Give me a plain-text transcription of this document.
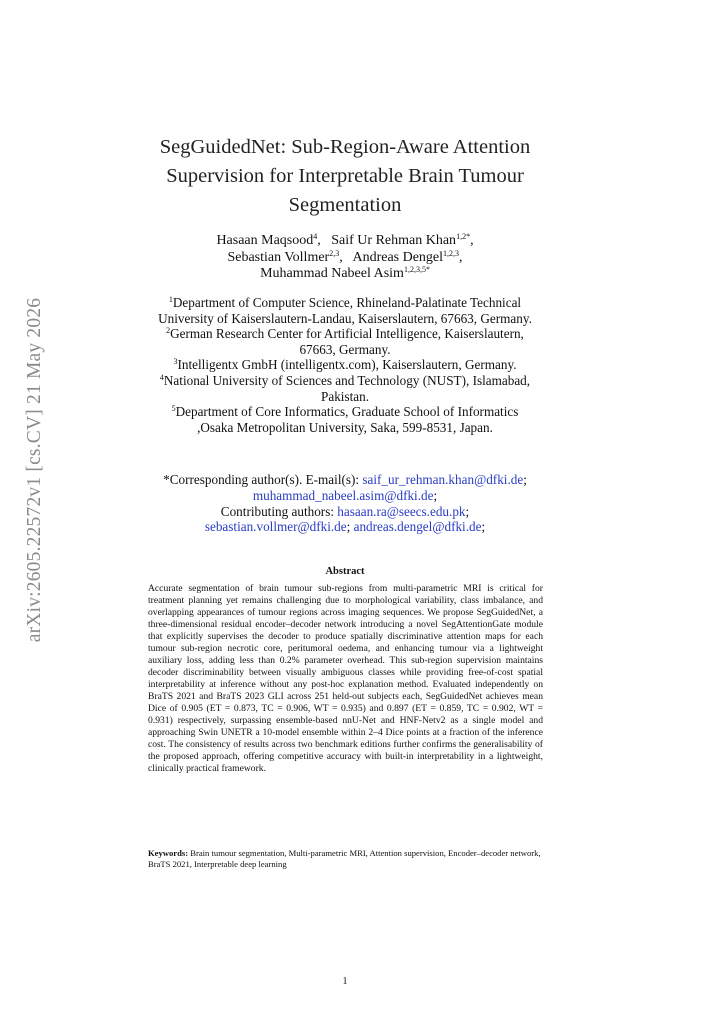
arXiv:2605.22572v1 [cs.CV] 21 May 2026
SegGuidedNet: Sub-Region-Aware Attention
Supervision for Interpretable Brain Tumour
Segmentation
Hasaan Maqsood$^4$,   Saif Ur Rehman Khan$^{1,2*}$,
Sebastian Vollmer$^{2,3}$,   Andreas Dengel$^{1,2,3}$,
Muhammad Nabeel Asim$^{1,2,3,5*}$
$^1$Department of Computer Science, Rhineland-Palatinate Technical
University of Kaiserslautern-Landau, Kaiserslautern, 67663, Germany.
$^2$German Research Center for Artificial Intelligence, Kaiserslautern,
67663, Germany.
$^3$Intelligentx GmbH (intelligentx.com), Kaiserslautern, Germany.
$^4$National University of Sciences and Technology (NUST), Islamabad,
Pakistan.
$^5$Department of Core Informatics, Graduate School of Informatics
,Osaka Metropolitan University, Saka, 599-8531, Japan.
*Corresponding author(s). E-mail(s): saif_ur_rehman.khan@dfki.de;
muhammad_nabeel.asim@dfki.de;
Contributing authors: hasaan.ra@seecs.edu.pk;
sebastian.vollmer@dfki.de; andreas.dengel@dfki.de;
Abstract
Accurate segmentation of brain tumour sub-regions from multi-parametric MRI is critical for treatment planning yet remains challenging due to morphological variability, class imbalance, and overlapping appearances of tumour regions across imaging sequences. We propose SegGuidedNet, a three-dimensional residual encoder–decoder network introducing a novel SegAttentionGate module that explicitly supervises the decoder to produce spatially discriminative attention maps for each tumour sub-region necrotic core, peritumoral oedema, and enhancing tumour via a lightweight auxiliary loss, adding less than 0.2% parameter overhead. This sub-region supervision maintains decoder discriminability between visually ambiguous classes while providing free-of-cost spatial interpretability at inference without any post-hoc explanation method. Evaluated independently on BraTS 2021 and BraTS 2023 GLI across 251 held-out subjects each, SegGuidedNet achieves mean Dice of 0.905 (ET = 0.873, TC = 0.906, WT = 0.935) and 0.897 (ET = 0.859, TC = 0.902, WT = 0.931) respectively, surpassing ensemble-based nnU-Net and HNF-Netv2 as a single model and approaching Swin UNETR a 10-model ensemble within 2–4 Dice points at a fraction of the inference cost. The consistency of results across two benchmark editions further confirms the generalisability of the proposed approach, offering competitive accuracy with built-in interpretability in a lightweight, clinically practical framework.
Keywords: Brain tumour segmentation, Multi-parametric MRI, Attention supervision, Encoder–decoder network, BraTS 2021, Interpretable deep learning
1
